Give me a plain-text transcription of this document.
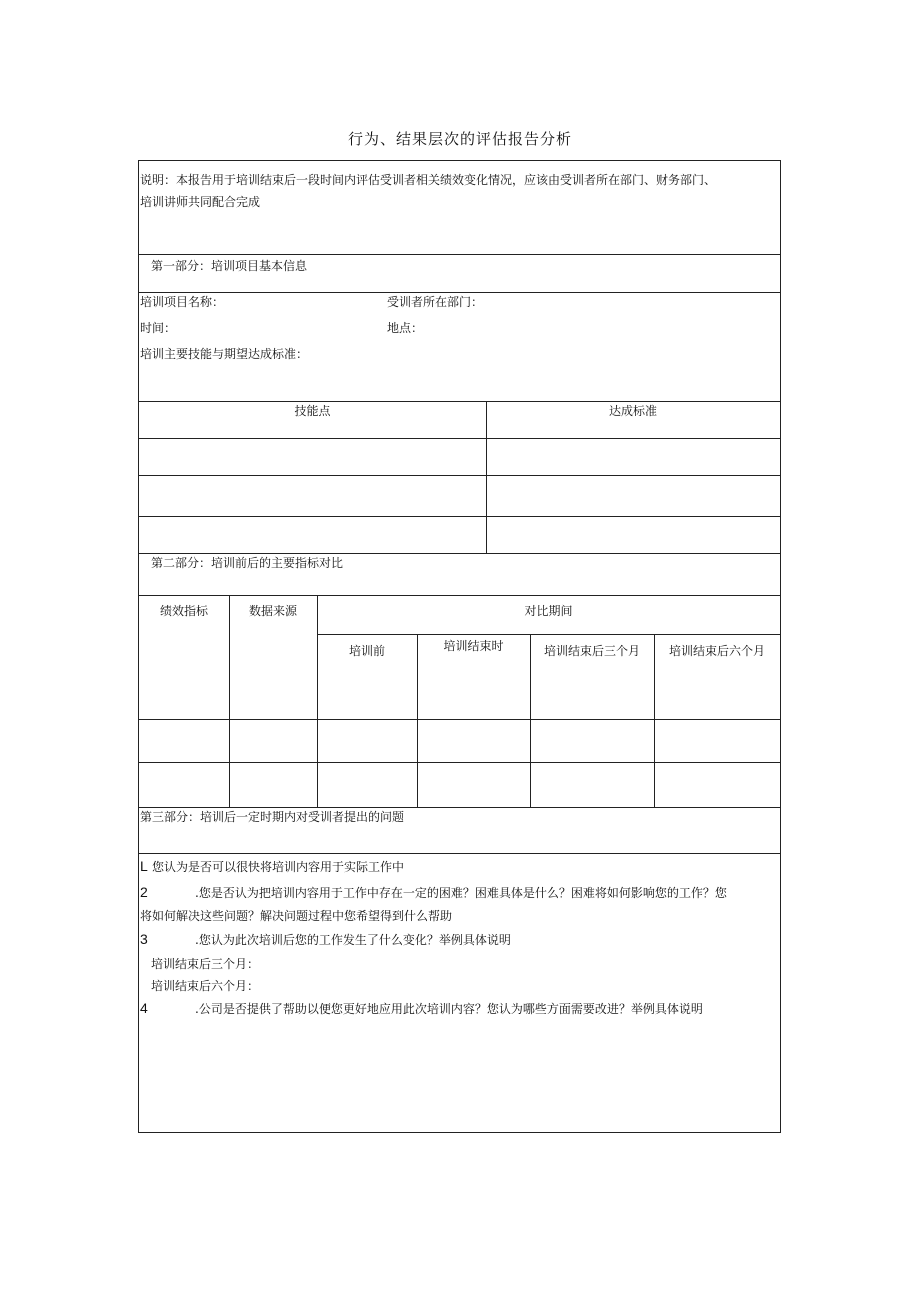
行为、结果层次的评估报告分析
说明：本报告用于培训结束后一段时间内评估受训者相关绩效变化情况，应该由受训者所在部门、财务部门、
培训讲师共同配合完成
第一部分：培训项目基本信息
培训项目名称：	受训者所在部门：
时间：	地点：
培训主要技能与期望达成标准：
技能点	达成标准
第二部分：培训前后的主要指标对比
绩效指标	数据来源	对比期间
培训前	培训结束时	培训结束后三个月	培训结束后六个月
第三部分：培训后一定时期内对受训者提出的问题
L 您认为是否可以很快将培训内容用于实际工作中
2	.您是否认为把培训内容用于工作中存在一定的困难？困难具体是什么？困难将如何影响您的工作？您
将如何解决这些问题？解决问题过程中您希望得到什么帮助
3	.您认为此次培训后您的工作发生了什么变化？举例具体说明
培训结束后三个月：
培训结束后六个月：
4	.公司是否提供了帮助以便您更好地应用此次培训内容？您认为哪些方面需要改进？举例具体说明
